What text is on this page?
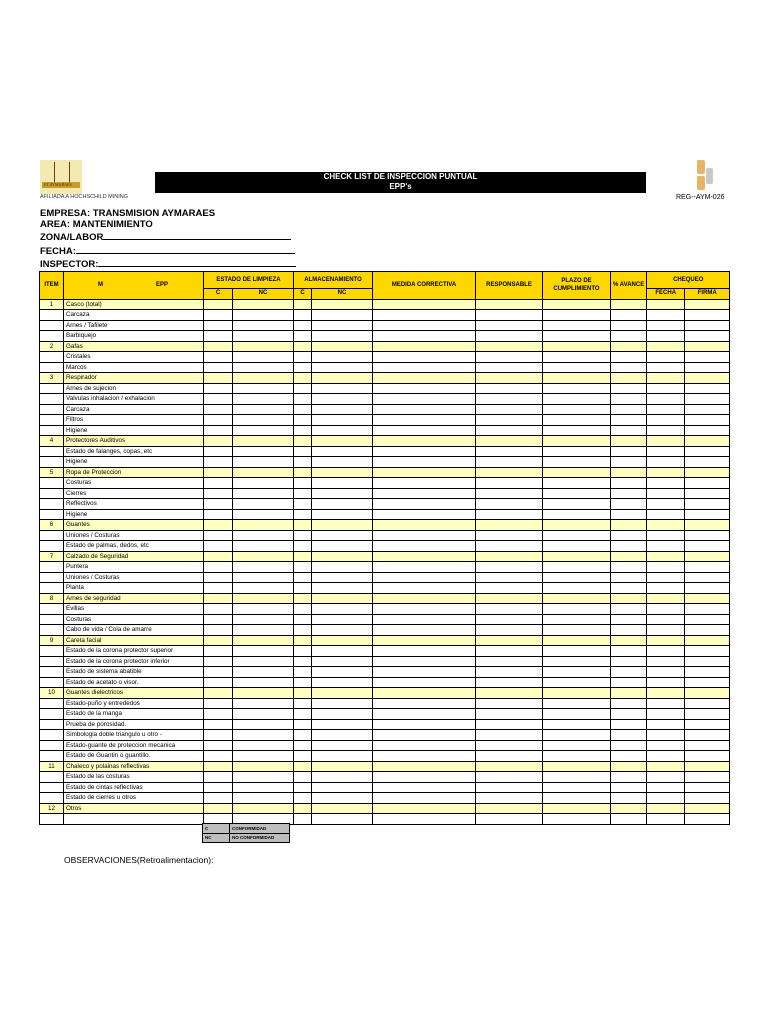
ET AYMARAES
AFILIADA A HOCHSCHILD MINING
CHECK LIST DE INSPECCION PUNTUAL
EPP's
REG--AYM-026
EMPRESA: TRANSMISION AYMARAES
AREA: MANTENIMIENTO
ZONA/LABOR
FECHA:
INSPECTOR:
ITEM	M EPP	ESTADO DE LIMPIEZA		ALMACENAMIENTO		MEDIDA CORRECTIVA	RESPONSABLE	PLAZO DE CUMPLIMIENTO	% AVANCE	CHEQUEO	
		C	NC	C	NC					FECHA	FIRMA
1	Casco (total)										
	Carcaza										
	Arnes / Tafilete										
	Barbiquejo										
2	Gafas										
	Cristales										
	Marcos										
3	Respirador										
	Arnes de sujecion										
	Valvulas inhalacion / exhalacion										
	Carcaza										
	Filtros										
	Higiene										
4	Protectores Auditivos										
	Estado de falanges, copas, etc										
	Higiene										
5	Ropa de Proteccion										
	Costuras										
	Cierres										
	Reflectivos										
	Higiene										
6	Guantes										
	Uniones / Costuras										
	Estado de palmas, dedos, etc										
7	Calzado de Seguridad										
	Puntera										
	Uniones / Costuras										
	Planta										
8	Arnes de seguridad										
	Evillas										
	Costuras										
	Cabo de vida / Cola de amarre										
9	Careta facial										
	Estado de la corona protector superior										
	Estado de la corona protector inferior										
	Estado de sistema abatible										
	Estado de acetato o visor.										
10	Guantes dielectricos										
	Estado-puño y entrededos										
	Estado de la manga										
	Prueba de porosidad.										
	Simbologia doble triangulo u otro -										
	Estado-guante de proteccion mecanica										
	Estado de Guantin o guantillo.										
11	Chaleco y polainas reflectivas										
	Estado de las costuras										
	Estado de cintas reflectivas										
	Estado de cierres u otros										
12	Otros										

C	CONFORMIDAD
NC	NO CONFORMIDAD
OBSERVACIONES(Retroalimentacion):
